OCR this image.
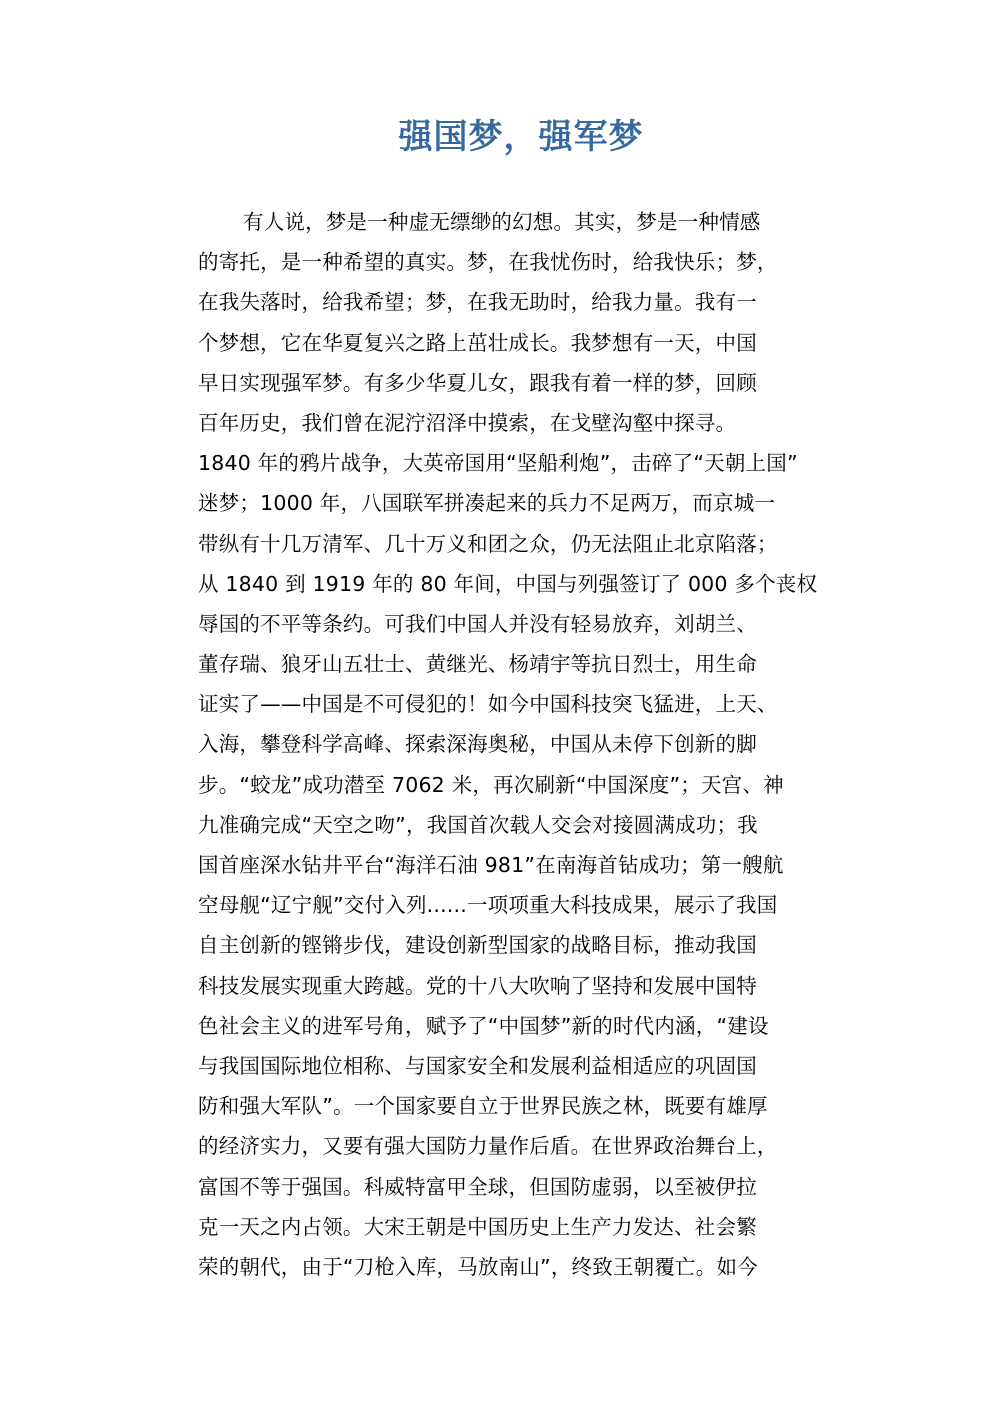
强国梦，强军梦
有人说，梦是一种虚无缥缈的幻想。其实，梦是一种情感
的寄托，是一种希望的真实。梦，在我忧伤时，给我快乐；梦，
在我失落时，给我希望；梦，在我无助时，给我力量。我有一
个梦想，它在华夏复兴之路上茁壮成长。我梦想有一天，中国
早日实现强军梦。有多少华夏儿女，跟我有着一样的梦，回顾
百年历史，我们曾在泥泞沼泽中摸索，在戈壁沟壑中探寻。
1840 年的鸦片战争，大英帝国用“坚船利炮”，击碎了“天朝上国”
迷梦；1000 年，八国联军拼凑起来的兵力不足两万，而京城一
带纵有十几万清军、几十万义和团之众，仍无法阻止北京陷落；
从 1840 到 1919 年的 80 年间，中国与列强签订了 000 多个丧权
辱国的不平等条约。可我们中国人并没有轻易放弃，刘胡兰、
董存瑞、狼牙山五壮士、黄继光、杨靖宇等抗日烈士，用生命
证实了——中国是不可侵犯的！如今中国科技突飞猛进，上天、
入海，攀登科学高峰、探索深海奥秘，中国从未停下创新的脚
步。“蛟龙”成功潜至 7062 米，再次刷新“中国深度”；天宫、神
九准确完成“天空之吻”，我国首次载人交会对接圆满成功；我
国首座深水钻井平台“海洋石油 981”在南海首钻成功；第一艘航
空母舰“辽宁舰”交付入列......一项项重大科技成果，展示了我国
自主创新的铿锵步伐，建设创新型国家的战略目标，推动我国
科技发展实现重大跨越。党的十八大吹响了坚持和发展中国特
色社会主义的进军号角，赋予了“中国梦”新的时代内涵，“建设
与我国国际地位相称、与国家安全和发展利益相适应的巩固国
防和强大军队”。一个国家要自立于世界民族之林，既要有雄厚
的经济实力，又要有强大国防力量作后盾。在世界政治舞台上，
富国不等于强国。科威特富甲全球，但国防虚弱，以至被伊拉
克一天之内占领。大宋王朝是中国历史上生产力发达、社会繁
荣的朝代，由于“刀枪入库，马放南山”，终致王朝覆亡。如今
